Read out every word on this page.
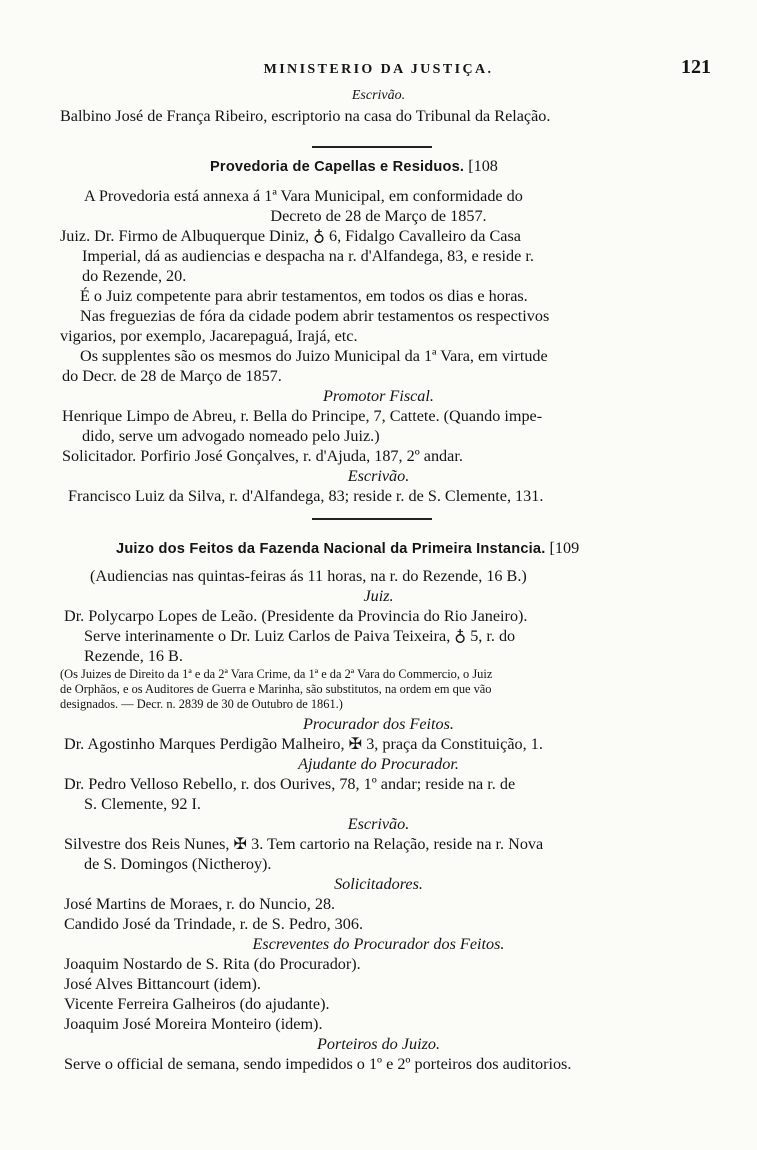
MINISTERIO DA JUSTIÇA.	121
Escrivão.
Balbino José de França Ribeiro, escriptorio na casa do Tribunal da Relação.
Provedoria de Capellas e Residuos. [108
A Provedoria está annexa á 1ª Vara Municipal, em conformidade do
Decreto de 28 de Março de 1857.
Juiz. Dr. Firmo de Albuquerque Diniz, ♁ 6, Fidalgo Cavalleiro da Casa
Imperial, dá as audiencias e despacha na r. d'Alfandega, 83, e reside r.
do Rezende, 20.
É o Juiz competente para abrir testamentos, em todos os dias e horas.
Nas freguezias de fóra da cidade podem abrir testamentos os respectivos
vigarios, por exemplo, Jacarepaguá, Irajá, etc.
Os supplentes são os mesmos do Juizo Municipal da 1ª Vara, em virtude
do Decr. de 28 de Março de 1857.
Promotor Fiscal.
Henrique Limpo de Abreu, r. Bella do Principe, 7, Cattete. (Quando impe-
dido, serve um advogado nomeado pelo Juiz.)
Solicitador. Porfirio José Gonçalves, r. d'Ajuda, 187, 2º andar.
Escrivão.
Francisco Luiz da Silva, r. d'Alfandega, 83; reside r. de S. Clemente, 131.
Juizo dos Feitos da Fazenda Nacional da Primeira Instancia. [109
(Audiencias nas quintas-feiras ás 11 horas, na r. do Rezende, 16 B.)
Juiz.
Dr. Polycarpo Lopes de Leão. (Presidente da Provincia do Rio Janeiro).
Serve interinamente o Dr. Luiz Carlos de Paiva Teixeira, ♁ 5, r. do
Rezende, 16 B.
(Os Juizes de Direito da 1ª e da 2ª Vara Crime, da 1ª e da 2ª Vara do Commercio, o Juiz
de Orphãos, e os Auditores de Guerra e Marinha, são substitutos, na ordem em que vão
designados. — Decr. n. 2839 de 30 de Outubro de 1861.)
Procurador dos Feitos.
Dr. Agostinho Marques Perdigão Malheiro, ✠ 3, praça da Constituição, 1.
Ajudante do Procurador.
Dr. Pedro Velloso Rebello, r. dos Ourives, 78, 1º andar; reside na r. de
S. Clemente, 92 I.
Escrivão.
Silvestre dos Reis Nunes, ✠ 3. Tem cartorio na Relação, reside na r. Nova
de S. Domingos (Nictheroy).
Solicitadores.
José Martins de Moraes, r. do Nuncio, 28.
Candido José da Trindade, r. de S. Pedro, 306.
Escreventes do Procurador dos Feitos.
Joaquim Nostardo de S. Rita (do Procurador).
José Alves Bittancourt (idem).
Vicente Ferreira Galheiros (do ajudante).
Joaquim José Moreira Monteiro (idem).
Porteiros do Juizo.
Serve o official de semana, sendo impedidos o 1º e 2º porteiros dos auditorios.
